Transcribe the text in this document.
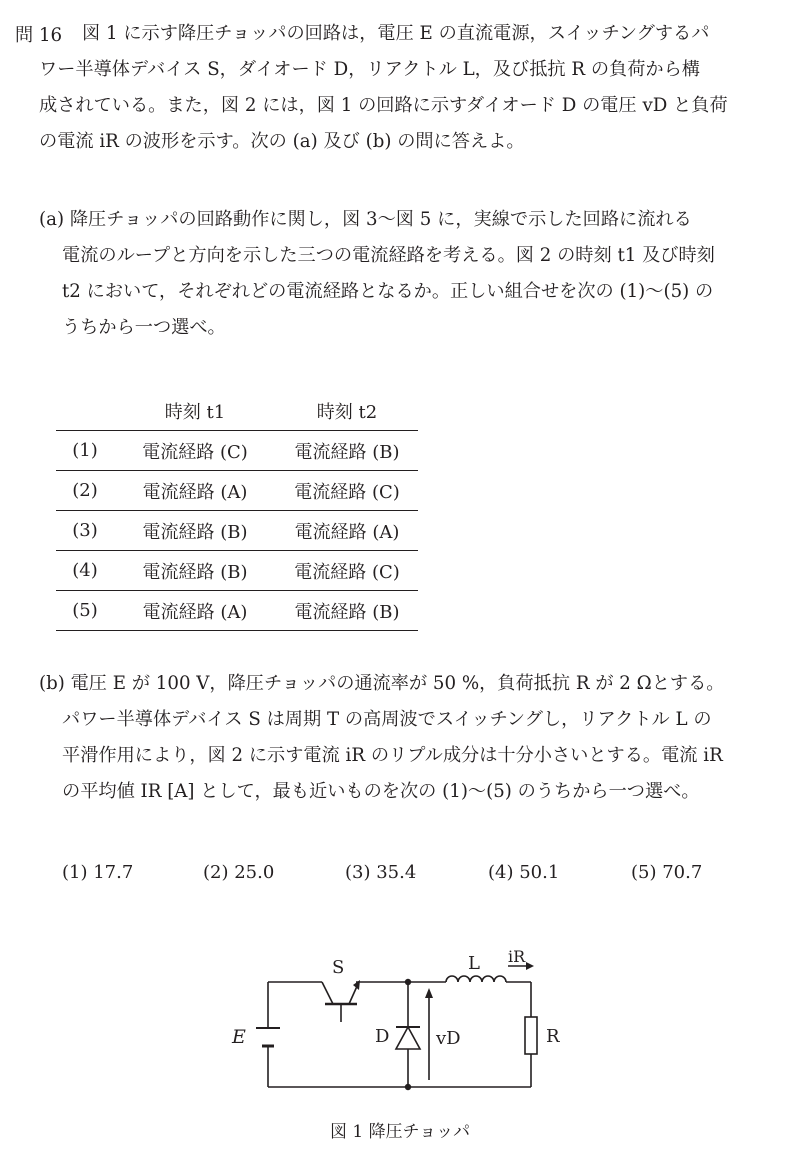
問 16 図 1 に示す降圧チョッパの回路は，電圧 E の直流電源，スイッチングするパ
ワー半導体デバイス S，ダイオード D，リアクトル L，及び抵抗 R の負荷から構
成されている。また，図 2 には，図 1 の回路に示すダイオード D の電圧 vD と負荷
の電流 iR の波形を示す。次の (a) 及び (b) の問に答えよ。
(a) 降圧チョッパの回路動作に関し，図 3〜図 5 に，実線で示した回路に流れる
電流のループと方向を示した三つの電流経路を考える。図 2 の時刻 t1 及び時刻
t2 において，それぞれどの電流経路となるか。正しい組合せを次の (1)〜(5) の
うちから一つ選べ。
	時刻 t1	時刻 t2
(1)	電流経路 (C)	電流経路 (B)
(2)	電流経路 (A)	電流経路 (C)
(3)	電流経路 (B)	電流経路 (A)
(4)	電流経路 (B)	電流経路 (C)
(5)	電流経路 (A)	電流経路 (B)
(b) 電圧 E が 100 V，降圧チョッパの通流率が 50 %，負荷抵抗 R が 2 Ωとする。
パワー半導体デバイス S は周期 T の高周波でスイッチングし，リアクトル L の
平滑作用により，図 2 に示す電流 iR のリプル成分は十分小さいとする。電流 iR
の平均値 IR [A] として，最も近いものを次の (1)〜(5) のうちから一つ選べ。
(1) 17.7	(2) 25.0	(3) 35.4	(4) 50.1	(5) 70.7
S
E	D	vD
L iR
R
図 1 降圧チョッパ
